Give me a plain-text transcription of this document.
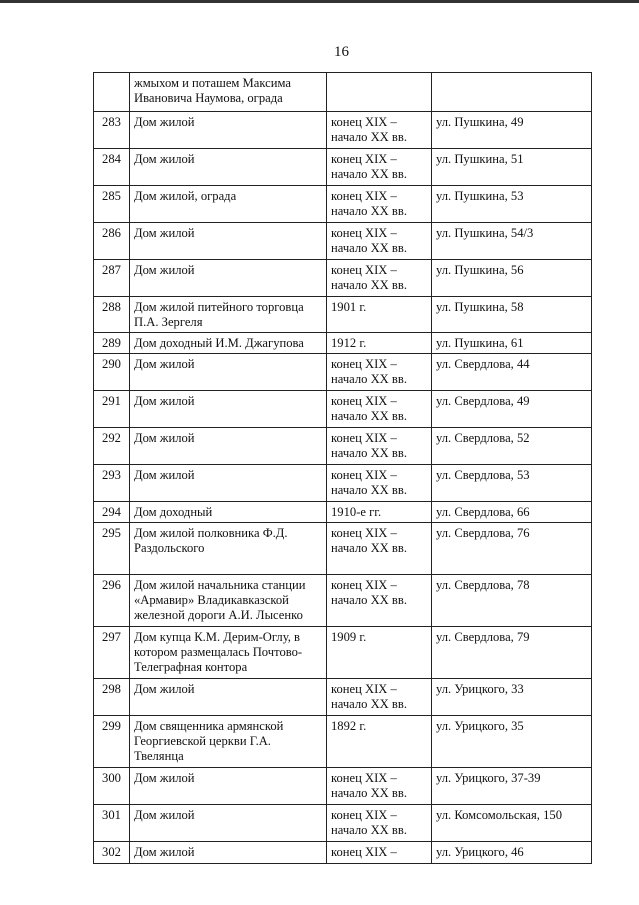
16
	жмыхом и поташем Максима Ивановича Наумова, ограда		
283	Дом жилой	конец XIX – начало XX вв.	ул. Пушкина, 49
284	Дом жилой	конец XIX – начало XX вв.	ул. Пушкина, 51
285	Дом жилой, ограда	конец XIX – начало XX вв.	ул. Пушкина, 53
286	Дом жилой	конец XIX – начало XX вв.	ул. Пушкина, 54/3
287	Дом жилой	конец XIX – начало XX вв.	ул. Пушкина, 56
288	Дом жилой питейного торговца П.А. Зергеля	1901 г.	ул. Пушкина, 58
289	Дом доходный И.М. Джагупова	1912 г.	ул. Пушкина, 61
290	Дом жилой	конец XIX – начало XX вв.	ул. Свердлова, 44
291	Дом жилой	конец XIX – начало XX вв.	ул. Свердлова, 49
292	Дом жилой	конец XIX – начало XX вв.	ул. Свердлова, 52
293	Дом жилой	конец XIX – начало XX вв.	ул. Свердлова, 53
294	Дом доходный	1910-е гг.	ул. Свердлова, 66
295	Дом жилой полковника Ф.Д. Раздольского	конец XIX – начало XX вв.	ул. Свердлова, 76
296	Дом жилой начальника станции «Армавир» Владикавказской железной дороги А.И. Лысенко	конец XIX – начало XX вв.	ул. Свердлова, 78
297	Дом купца К.М. Дерим-Оглу, в котором размещалась Почтово-Телеграфная контора	1909 г.	ул. Свердлова, 79
298	Дом жилой	конец XIX – начало XX вв.	ул. Урицкого, 33
299	Дом священника армянской Георгиевской церкви Г.А. Твелянца	1892 г.	ул. Урицкого, 35
300	Дом жилой	конец XIX – начало XX вв.	ул. Урицкого, 37-39
301	Дом жилой	конец XIX – начало XX вв.	ул. Комсомольская, 150
302	Дом жилой	конец XIX –	ул. Урицкого, 46
